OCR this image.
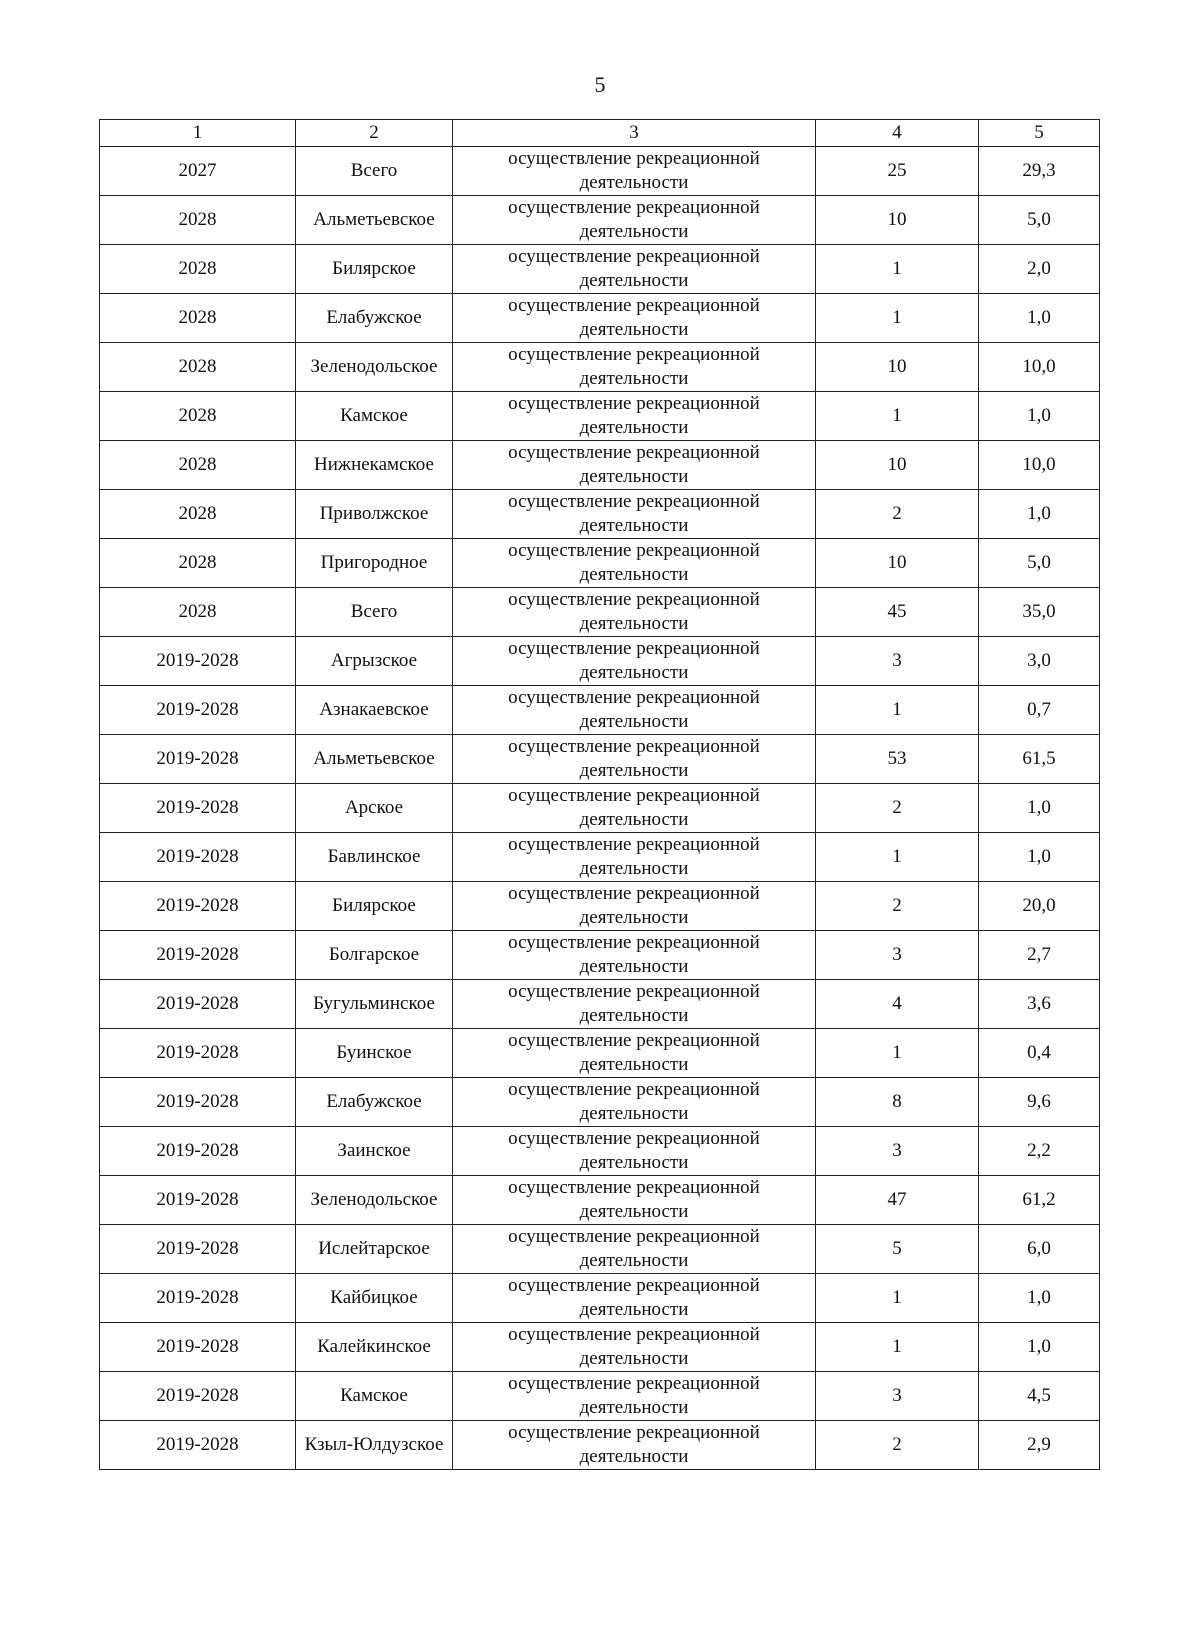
5
1	2	3	4	5
2027	Всего	осуществление рекреационной деятельности	25	29,3
2028	Альметьевское	осуществление рекреационной деятельности	10	5,0
2028	Билярское	осуществление рекреационной деятельности	1	2,0
2028	Елабужское	осуществление рекреационной деятельности	1	1,0
2028	Зеленодольское	осуществление рекреационной деятельности	10	10,0
2028	Камское	осуществление рекреационной деятельности	1	1,0
2028	Нижнекамское	осуществление рекреационной деятельности	10	10,0
2028	Приволжское	осуществление рекреационной деятельности	2	1,0
2028	Пригородное	осуществление рекреационной деятельности	10	5,0
2028	Всего	осуществление рекреационной деятельности	45	35,0
2019-2028	Агрызское	осуществление рекреационной деятельности	3	3,0
2019-2028	Азнакаевское	осуществление рекреационной деятельности	1	0,7
2019-2028	Альметьевское	осуществление рекреационной деятельности	53	61,5
2019-2028	Арское	осуществление рекреационной деятельности	2	1,0
2019-2028	Бавлинское	осуществление рекреационной деятельности	1	1,0
2019-2028	Билярское	осуществление рекреационной деятельности	2	20,0
2019-2028	Болгарское	осуществление рекреационной деятельности	3	2,7
2019-2028	Бугульминское	осуществление рекреационной деятельности	4	3,6
2019-2028	Буинское	осуществление рекреационной деятельности	1	0,4
2019-2028	Елабужское	осуществление рекреационной деятельности	8	9,6
2019-2028	Заинское	осуществление рекреационной деятельности	3	2,2
2019-2028	Зеленодольское	осуществление рекреационной деятельности	47	61,2
2019-2028	Ислейтарское	осуществление рекреационной деятельности	5	6,0
2019-2028	Кайбицкое	осуществление рекреационной деятельности	1	1,0
2019-2028	Калейкинское	осуществление рекреационной деятельности	1	1,0
2019-2028	Камское	осуществление рекреационной деятельности	3	4,5
2019-2028	Кзыл-Юлдузское	осуществление рекреационной деятельности	2	2,9
